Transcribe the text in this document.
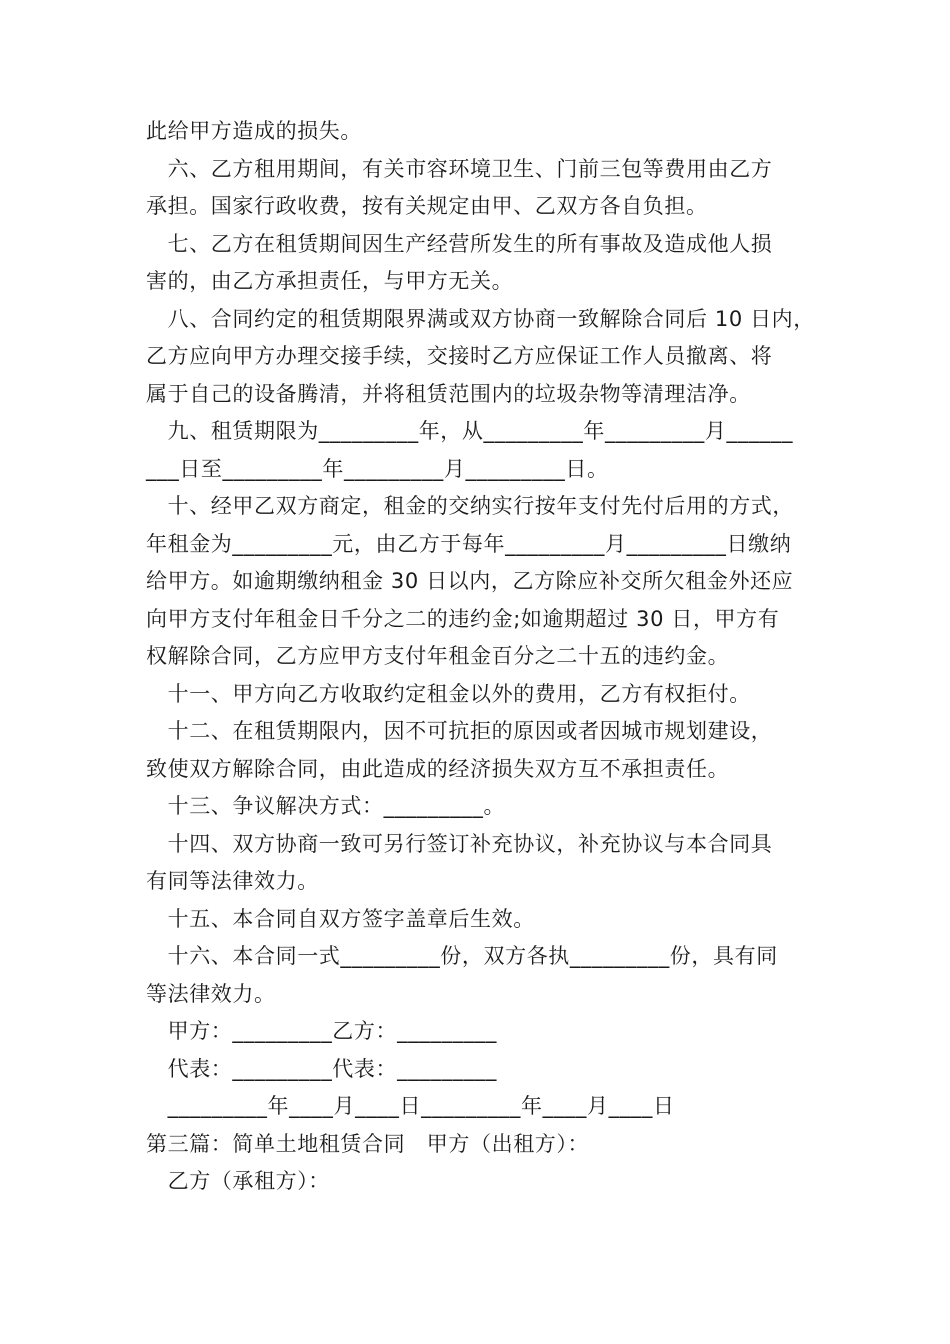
此给甲方造成的损失。
　六、乙方租用期间，有关市容环境卫生、门前三包等费用由乙方
承担。国家行政收费，按有关规定由甲、乙双方各自负担。
　七、乙方在租赁期间因生产经营所发生的所有事故及造成他人损
害的，由乙方承担责任，与甲方无关。
　八、合同约定的租赁期限界满或双方协商一致解除合同后 10 日内，
乙方应向甲方办理交接手续，交接时乙方应保证工作人员撤离、将
属于自己的设备腾清，并将租赁范围内的垃圾杂物等清理洁净。
　九、租赁期限为_________年，从_________年_________月______
___日至_________年_________月_________日。
　十、经甲乙双方商定，租金的交纳实行按年支付先付后用的方式，
年租金为_________元，由乙方于每年_________月_________日缴纳
给甲方。如逾期缴纳租金 30 日以内，乙方除应补交所欠租金外还应
向甲方支付年租金日千分之二的违约金;如逾期超过 30 日，甲方有
权解除合同，乙方应甲方支付年租金百分之二十五的违约金。
　十一、甲方向乙方收取约定租金以外的费用，乙方有权拒付。
　十二、在租赁期限内，因不可抗拒的原因或者因城市规划建设，
致使双方解除合同，由此造成的经济损失双方互不承担责任。
　十三、争议解决方式：_________。
　十四、双方协商一致可另行签订补充协议，补充协议与本合同具
有同等法律效力。
　十五、本合同自双方签字盖章后生效。
　十六、本合同一式_________份，双方各执_________份，具有同
等法律效力。
　甲方：_________乙方：_________
　代表：_________代表：_________
　_________年____月____日_________年____月____日
第三篇：简单土地租赁合同　甲方（出租方）：
　乙方（承租方）：
